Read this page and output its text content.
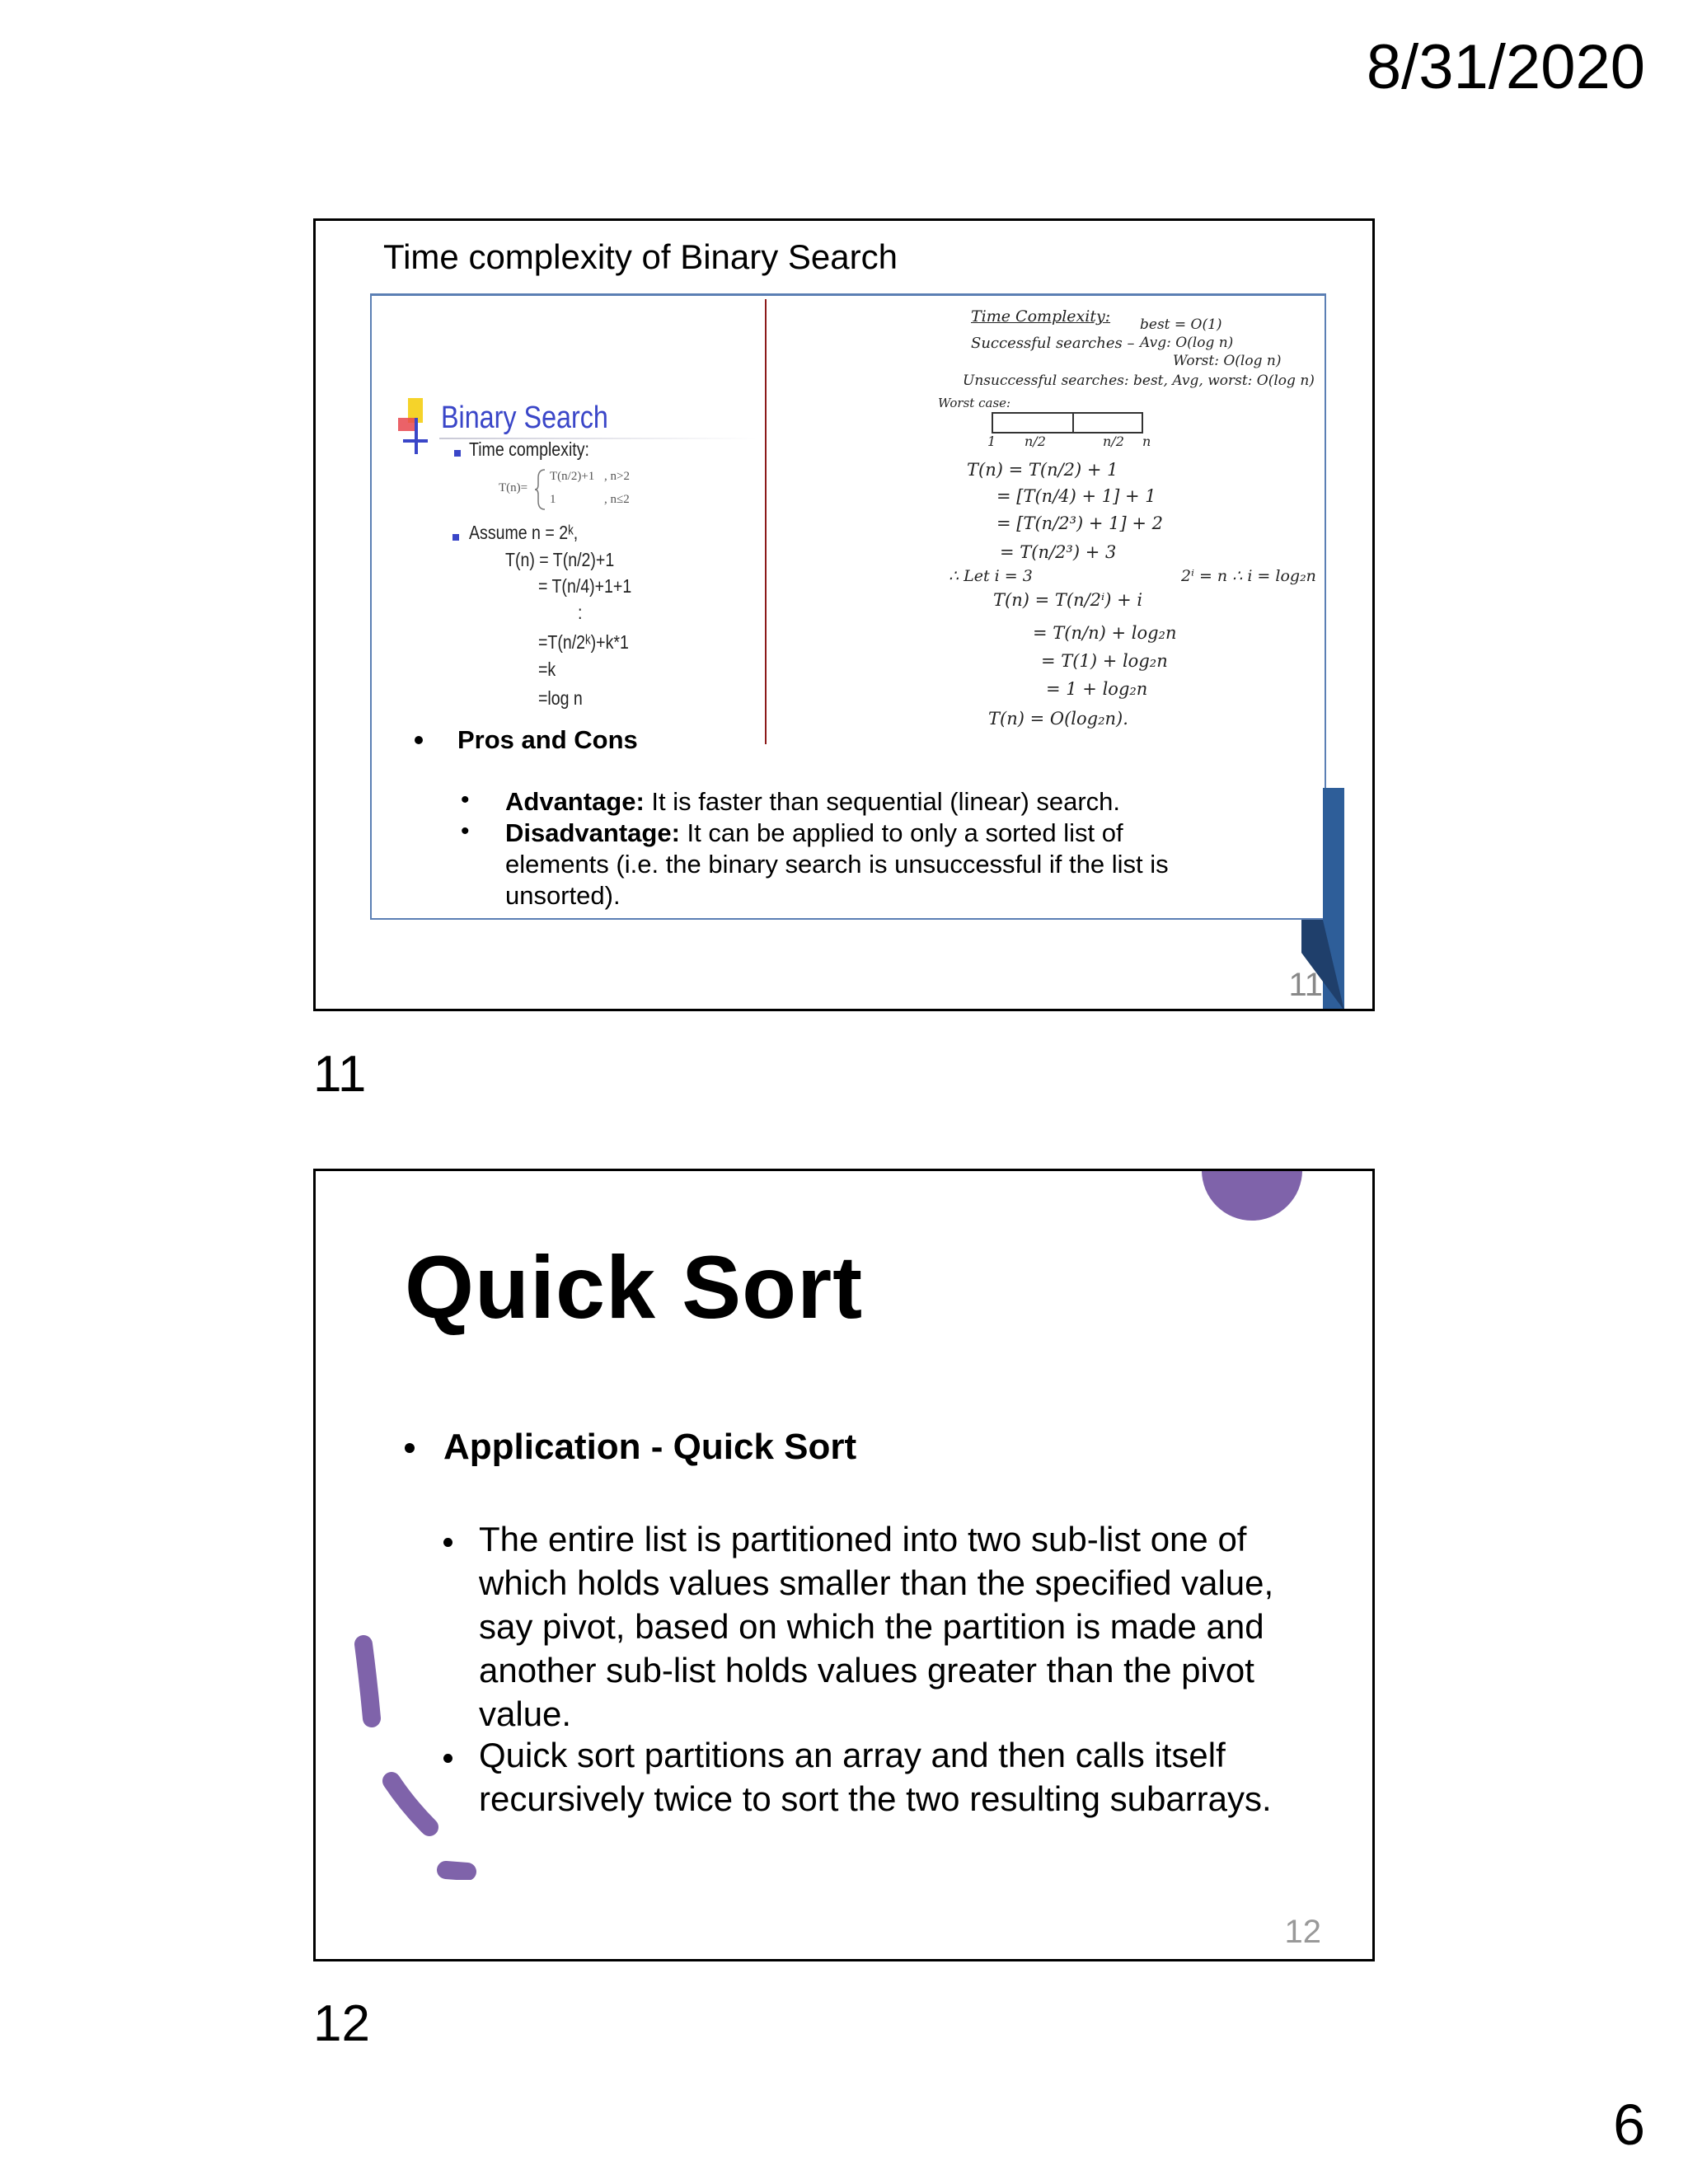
8/31/2020
6
Time complexity of Binary Search
Binary Search
Time complexity:
T(n)=
T(n/2)+1 , n>2
1	, n≤2
Assume n = 2ᵏ,
T(n) = T(n/2)+1
= T(n/4)+1+1
:
=T(n/2ᵏ)+k*1
=k
=log n
Time Complexity:
Successful searches –
best = O(1)
Avg: O(log n)
Worst: O(log n)
Unsuccessful searches: best, Avg, worst: O(log n)
Worst case:
1 n/2	n/2 n
T(n) = T(n/2) + 1
= [T(n/4) + 1] + 1
= [T(n/2³) + 1] + 2
= T(n/2³) + 3
∴ Let i = 3
T(n) = T(n/2ⁱ) + i
= T(n/n) + log₂n
= T(1) + log₂n
= 1 + log₂n
T(n) = O(log₂n).
2ⁱ = n ∴ i = log₂n
Pros and Cons
• Advantage: It is faster than sequential (linear) search.
• Disadvantage: It can be applied to only a sorted list of elements (i.e. the binary search is unsuccessful if the list is unsorted).
11
11
Quick Sort
Application - Quick Sort
The entire list is partitioned into two sub-list one of which holds values smaller than the specified value, say pivot, based on which the partition is made and another sub-list holds values greater than the pivot value.
Quick sort partitions an array and then calls itself recursively twice to sort the two resulting subarrays.
12
12
